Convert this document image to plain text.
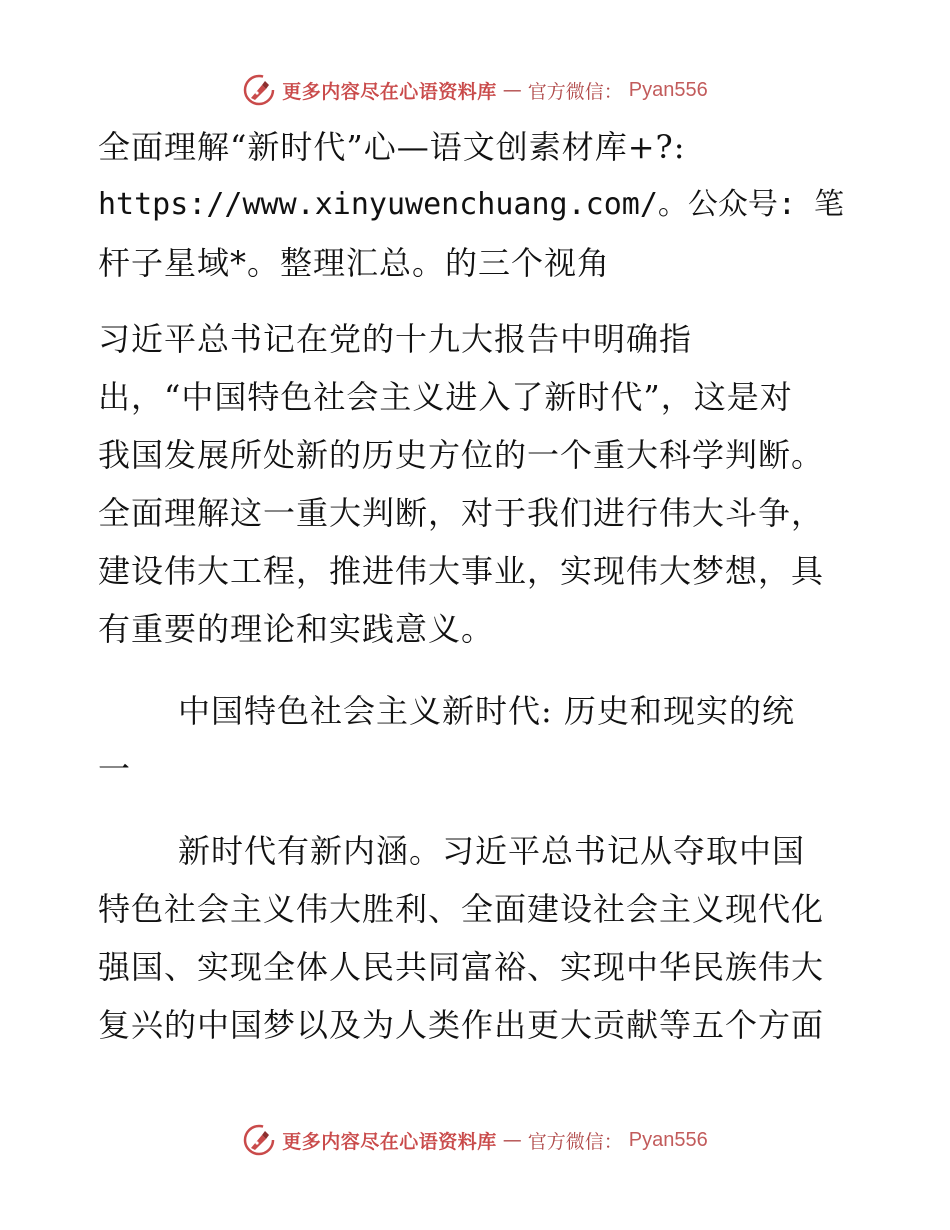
更多内容尽在心语资料库 — 官方微信： Pyan556
全面理解“新时代”心—语文创素材库+?:
https://www.xinyuwenchuang.com/。公众号: 笔
杆子星域*。整理汇总。的三个视角
习近平总书记在党的十九大报告中明确指
出，“中国特色社会主义进入了新时代”，这是对
我国发展所处新的历史方位的一个重大科学判断。
全面理解这一重大判断，对于我们进行伟大斗争，
建设伟大工程，推进伟大事业，实现伟大梦想，具
有重要的理论和实践意义。
中国特色社会主义新时代: 历史和现实的统
一
新时代有新内涵。习近平总书记从夺取中国
特色社会主义伟大胜利、全面建设社会主义现代化
强国、实现全体人民共同富裕、实现中华民族伟大
复兴的中国梦以及为人类作出更大贡献等五个方面
更多内容尽在心语资料库 — 官方微信： Pyan556
